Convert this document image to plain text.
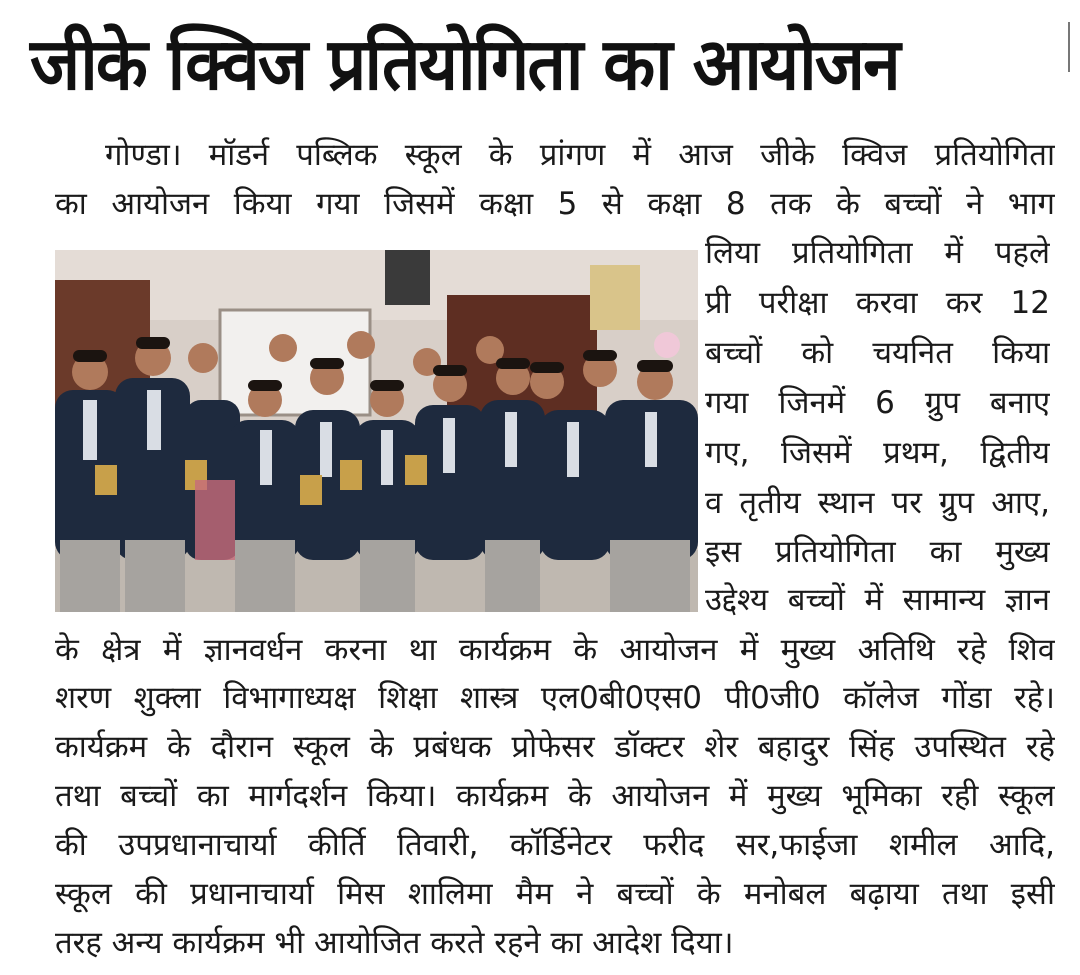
जीके क्विज प्रतियोगिता का आयोजन
गोण्डा। मॉडर्न पब्लिक स्कूल के प्रांगण में आज जीके क्विज प्रतियोगिता
का आयोजन किया गया जिसमें कक्षा 5 से कक्षा 8 तक के बच्चों ने भाग
लिया प्रतियोगिता में पहले
प्री परीक्षा करवा कर 12
बच्चों को चयनित किया
गया जिनमें 6 ग्रुप बनाए
गए, जिसमें प्रथम, द्वितीय
व तृतीय स्थान पर ग्रुप आए,
इस प्रतियोगिता का मुख्य
उद्देश्य बच्चों में सामान्य ज्ञान
के क्षेत्र में ज्ञानवर्धन करना था कार्यक्रम के आयोजन में मुख्य अतिथि रहे शिव
शरण शुक्ला विभागाध्यक्ष शिक्षा शास्त्र एल0बी0एस0 पी0जी0 कॉलेज गोंडा रहे।
कार्यक्रम के दौरान स्कूल के प्रबंधक प्रोफेसर डॉक्टर शेर बहादुर सिंह उपस्थित रहे
तथा बच्चों का मार्गदर्शन किया। कार्यक्रम के आयोजन में मुख्य भूमिका रही स्कूल
की उपप्रधानाचार्या कीर्ति तिवारी, कॉर्डिनेटर फरीद सर,फाईजा शमील आदि,
स्कूल की प्रधानाचार्या मिस शालिमा मैम ने बच्चों के मनोबल बढ़ाया तथा इसी
तरह अन्य कार्यक्रम भी आयोजित करते रहने का आदेश दिया।
